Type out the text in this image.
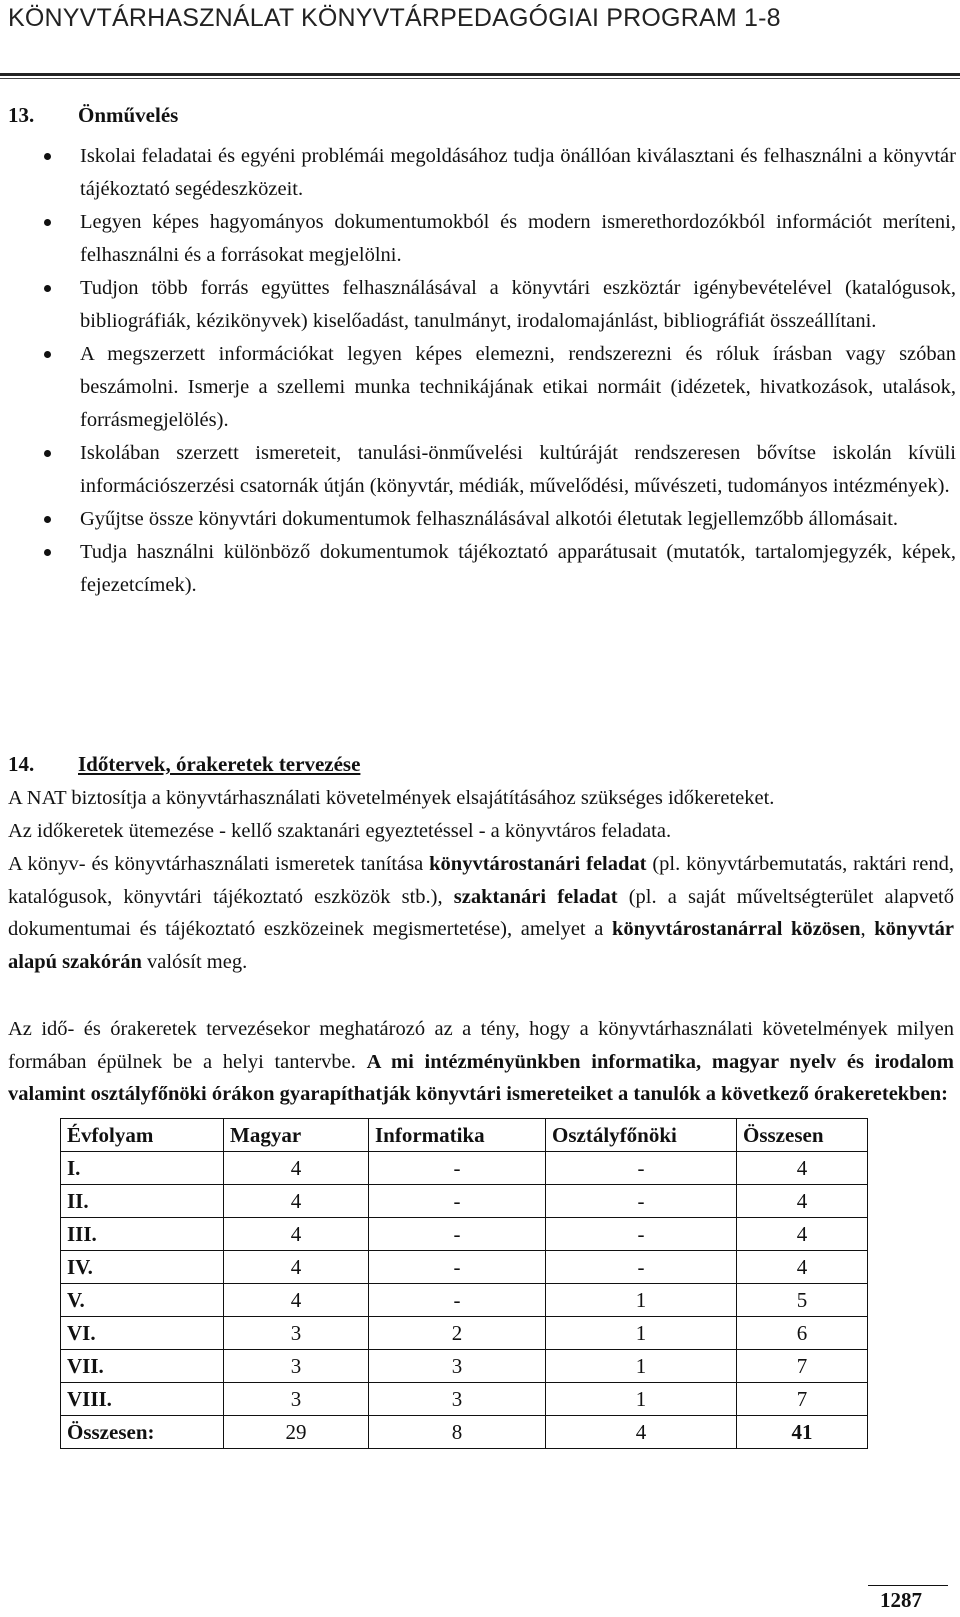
KÖNYVTÁRHASZNÁLAT KÖNYVTÁRPEDAGÓGIAI PROGRAM 1-8
13. Önművelés
Iskolai feladatai és egyéni problémái megoldásához tudja önállóan kiválasztani és felhasználni a könyvtár tájékoztató segédeszközeit.
Legyen képes hagyományos dokumentumokból és modern ismerethordozókból információt meríteni, felhasználni és a forrásokat megjelölni.
Tudjon több forrás együttes felhasználásával a könyvtári eszköztár igénybevételével (katalógusok, bibliográfiák, kézikönyvek) kiselőadást, tanulmányt, irodalomajánlást, bibliográfiát összeállítani.
A megszerzett információkat legyen képes elemezni, rendszerezni és róluk írásban vagy szóban beszámolni. Ismerje a szellemi munka technikájának etikai normáit (idézetek, hivatkozások, utalások, forrásmegjelölés).
Iskolában szerzett ismereteit, tanulási-önművelési kultúráját rendszeresen bővítse iskolán kívüli információszerzési csatornák útján (könyvtár, médiák, művelődési, művészeti, tudományos intézmények).
Gyűjtse össze könyvtári dokumentumok felhasználásával alkotói életutak legjellemzőbb állomásait.
Tudja használni különböző dokumentumok tájékoztató apparátusait (mutatók, tartalomjegyzék, képek, fejezetcímek).
14. Időtervek, órakeretek tervezése

A NAT biztosítja a könyvtárhasználati követelmények elsajátításához szükséges időkereteket.

Az időkeretek ütemezése - kellő szaktanári egyeztetéssel - a könyvtáros feladata.

A könyv- és könyvtárhasználati ismeretek tanítása könyvtárostanári feladat (pl. könyvtárbemutatás, raktári rend, katalógusok, könyvtári tájékoztató eszközök stb.), szaktanári feladat (pl. a saját műveltségterület alapvető dokumentumai és tájékoztató eszközeinek megismertetése), amelyet a könyvtárostanárral közösen, könyvtár alapú szakórán valósít meg.

Az idő- és órakeretek tervezésekor meghatározó az a tény, hogy a könyvtárhasználati követelmények milyen formában épülnek be a helyi tantervbe. A mi intézményünkben informatika, magyar nyelv és irodalom valamint osztályfőnöki órákon gyarapíthatják könyvtári ismereteiket a tanulók a következő órakeretekben:

Évfolyam	Magyar	Informatika	Osztályfőnöki	Összesen
I.	4	-	-	4
II.	4	-	-	4
III.	4	-	-	4
IV.	4	-	-	4
V.	4	-	1	5
VI.	3	2	1	6
VII.	3	3	1	7
VIII.	3	3	1	7
Összesen:	29	8	4	41
1287
